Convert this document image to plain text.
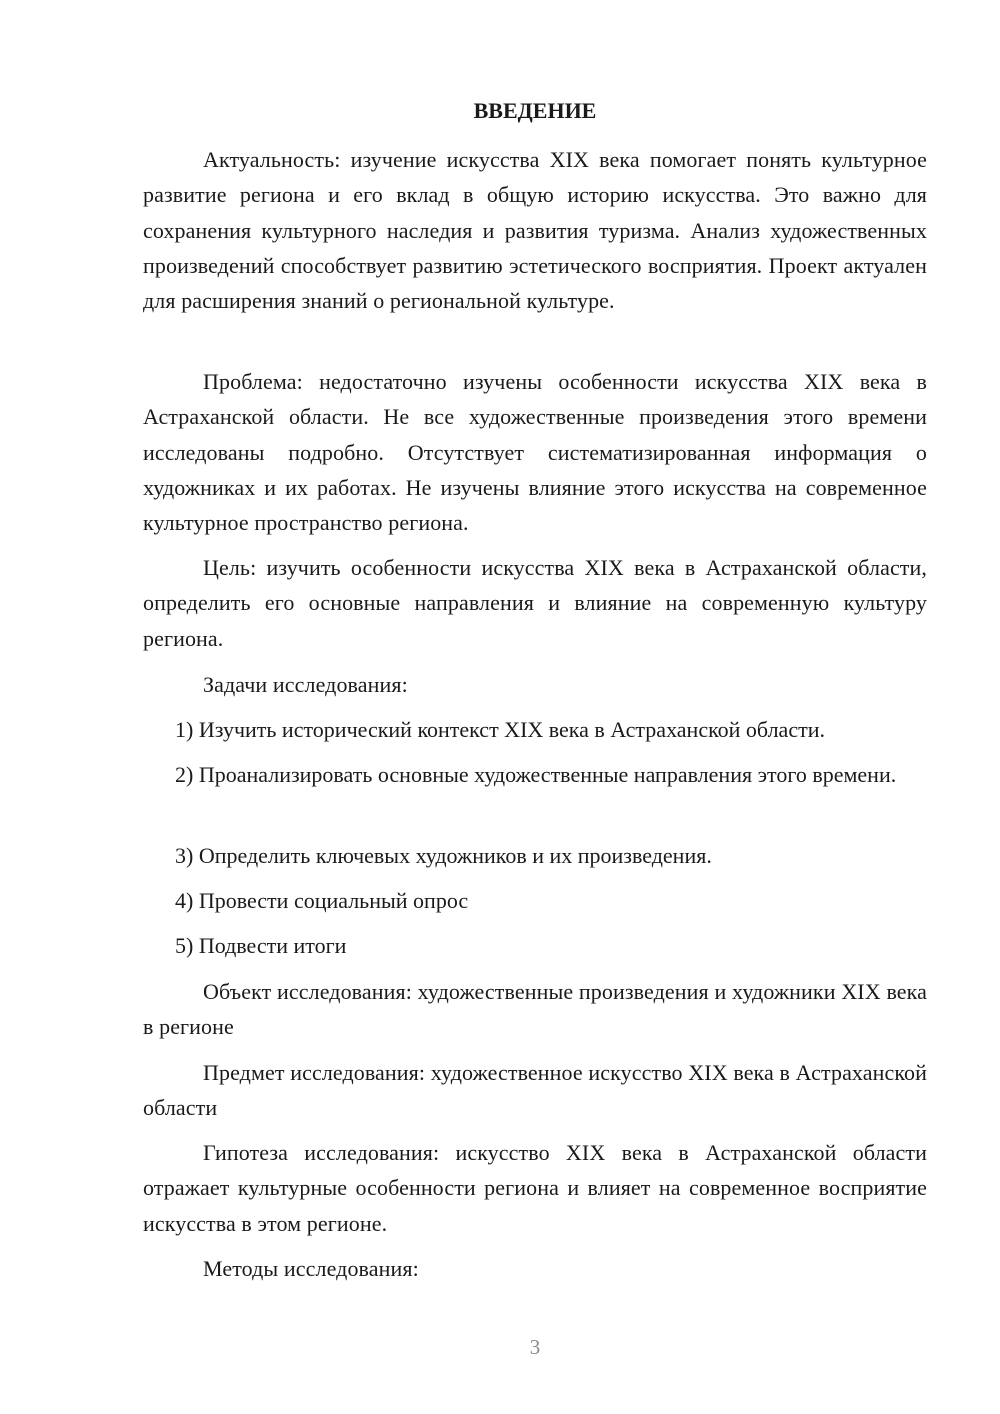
ВВЕДЕНИЕ

Актуальность: изучение искусства XIX века помогает понять культурное развитие региона и его вклад в общую историю искусства. Это важно для сохранения культурного наследия и развития туризма. Анализ художественных произведений способствует развитию эстетического восприятия. Проект актуален для расширения знаний о региональной культуре.

Проблема: недостаточно изучены особенности искусства XIX века в Астраханской области. Не все художественные произведения этого времени исследованы подробно. Отсутствует систематизированная информация о художниках и их работах. Не изучены влияние этого искусства на современное культурное пространство региона.

Цель: изучить особенности искусства XIX века в Астраханской области, определить его основные направления и влияние на современную культуру региона.

Задачи исследования:

1) Изучить исторический контекст XIX века в Астраханской области.

2) Проанализировать основные художественные направления этого времени.

3) Определить ключевых художников и их произведения.

4) Провести социальный опрос

5) Подвести итоги

Объект исследования: художественные произведения и художники XIX века в регионе

Предмет исследования: художественное искусство XIX века в Астраханской области

Гипотеза исследования: искусство XIX века в Астраханской области отражает культурные особенности региона и влияет на современное восприятие искусства в этом регионе.

Методы исследования:

3
